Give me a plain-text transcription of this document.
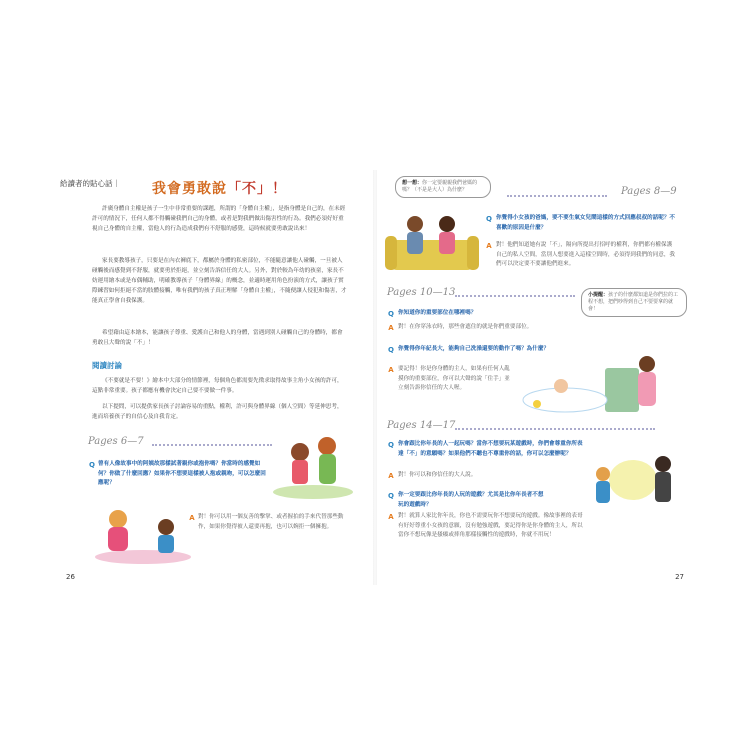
給讀者的貼心話｜ 我會勇敢說「不」！
許廣身體自主權是孩子一生中非常重要的課題，所謂的「身體自主權」，是指身體是自己的，在未經許可的情況下，任何人都不得觸碰我們自己的身體，或者是對我們做出傷害性的行為。我們必須好好重視自己身體的自主權，當他人的行為造成我們有不舒服的感覺，這時候就要勇敢說出來！
家長要教導孩子，只要是在內衣褲底下，都屬於身體的私密部位，不能隨意讓他人碰觸，一旦被人碰觸後而感覺到不舒服，就要勇於拒絕，並立刻告訴信任的大人。另外，對於較為年幼的孩童，家長不妨運用繪本或是布偶輔助，明確教導孩子「身體界線」的概念，並適時運用角色扮演的方式，讓孩子實際練習如何拒絕不當的肢體接觸，唯有我們的孩子真正理解「身體自主權」，不隨便讓人侵犯和傷害，才能真正學會自我保護。
希望藉由這本繪本，能讓孩子尊重、愛護自己和他人的身體，當遇到別人碰觸自己的身體時，都會勇敢且大聲的說「不」！
閱讀討論
《不要就是不要！》繪本中大部分的情節裡，每個角色都需要先徵求取得故事主角小女孩的許可，這點非常重要。孩子都應有機會決定自己要不要做一件事。
以下提問，可以提供家長孩子討論容易的重點，權利，許可與身體界線（個人空間）等延伸思考，進而培養孩子的自信心及自我肯定。
Pages 6—7
Q 曾有人像故事中的阿姨故那樣試著親你或抱你嗎？你當時的感覺如何？你做了什麼回應？如果你不想要這樣被人抱或親吻，可以怎麼回應呢？
A 對！你可以用一個友善的擊掌、或者握拍的手來代替那些動作，如果你覺得被人還要再抱，也可以婉拒一個擁抱。
26
想一想：你一定要親親我們爸媽的嗎？（不是是大人）為什麼？	Pages 8—9
Q 你覺得小女孩的爸媽，要不要生氣女兒鬧這樣的方式回應叔叔的話呢？不喜歡的原因是什麼？
A 對！他們知道她有說「不」，隔向所提出打招呼的權利，你們都有權保護自己的私人空間，當別人想要進入這樣空間時，必須得到我們的同意，我們可以決定要不要讓他們進來。
Pages 10—13	小提醒：孩子的什麼都知道是你們拉的工程不想，把們吵得到自己不要要拿的就會！
Q 你知道你的重要部位在哪裡嗎？
A 對！在你穿泳衣時，那些會遮住的就是你們重要部位。
Q 你覺得你年紀長大，能夠自己洗澡還要的動作了嗎？為什麼？
A 要記得！你是你身體的主人，如果有任何人亂摸你的重要部位，你可以大聲的說「住手」並立刻告訴你信任的大人喔。
Pages 14—17
Q 你會跟比你年長的人一起玩嗎？當你不想要玩某遊戲時，你們會尊重你所表達「不」的意願嗎？如果他們不聽也不尊重你的話，你可以怎麼辦呢？
A 對！你可以和你信任的大人說。
Q 你一定要跟比你年長的人玩的遊戲？尤其是比你年長者不想玩的遊戲時？
A 對！就算人家比你年長，你也不需要玩你不想要玩的遊戲。像故事裡的表哥有好好尊重小女孩的意願，沒有勉強遊戲，要記得你是你身體的主人，所以當你不想玩像是搔癢或摔角那樣接觸性的遊戲時，你就不用玩！
27
